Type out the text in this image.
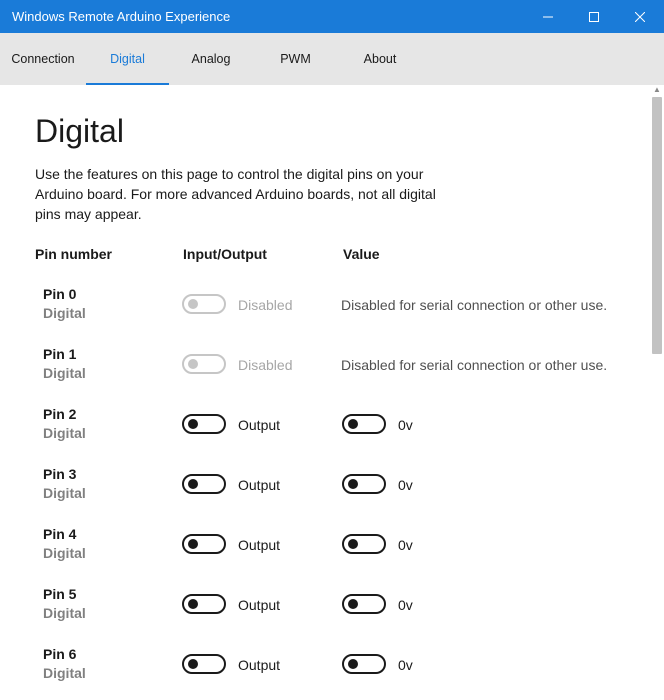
Windows Remote Arduino Experience
Connection	Digital	Analog	PWM	About
▲
Digital
Use the features on this page to control the digital pins on your Arduino board. For more advanced Arduino boards, not all digital pins may appear.
Pin number	Input/Output	Value
Pin 0
Digital	Disabled	Disabled for serial connection or other use.
Pin 1
Digital	Disabled	Disabled for serial connection or other use.
Pin 2
Digital	Output	0v
Pin 3
Digital	Output	0v
Pin 4
Digital	Output	0v
Pin 5
Digital	Output	0v
Pin 6
Digital	Output	0v
